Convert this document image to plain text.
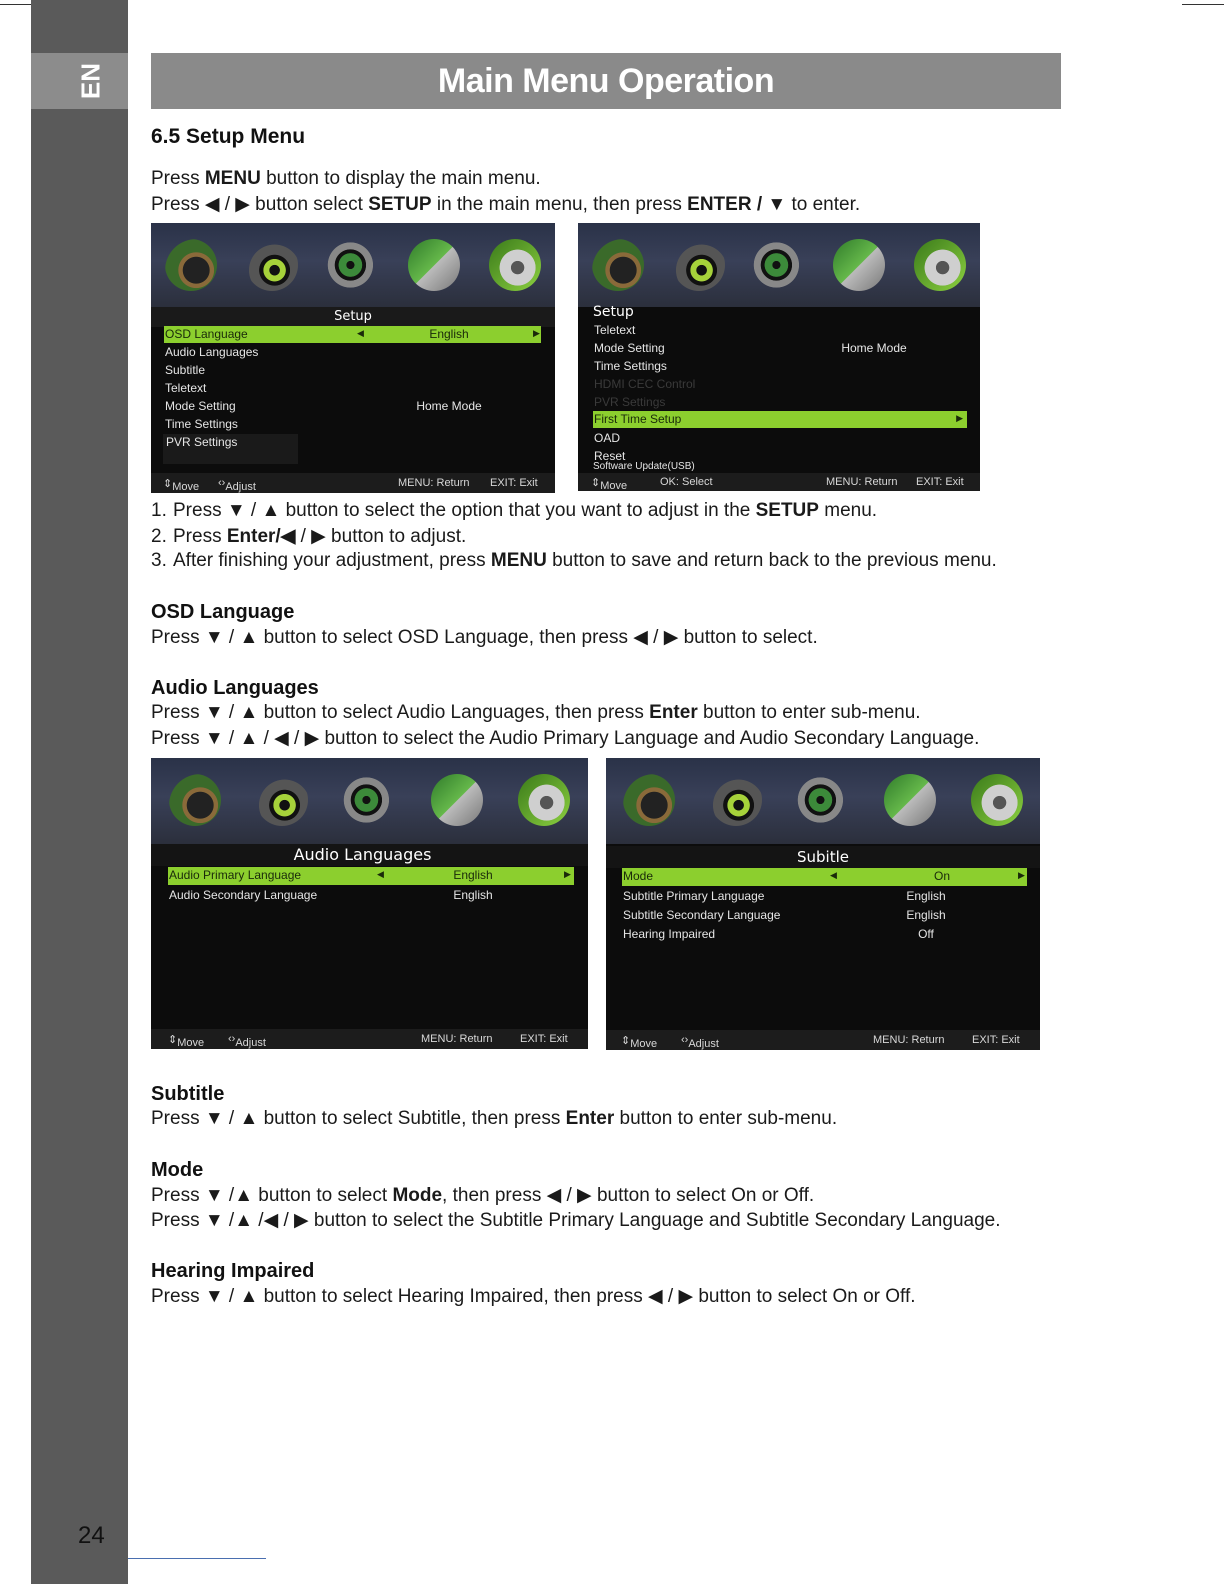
EN
24
Main Menu Operation
6.5 Setup Menu
Press MENU button to display the main menu.
Press ◀ / ▶ button select SETUP in the main menu, then press ENTER / ▼ to enter.
Setup
OSD Language	◀	English	▶
Audio Languages
Subtitle
Teletext
Mode Setting	Home Mode
Time Settings
PVR Settings
⇕ Move ‹› Adjust	MENU: Return EXIT: Exit
Setup
Teletext
Mode Setting	Home Mode
Time Settings
HDMI CEC Control
PVR Settings
First Time Setup	▶
OAD
Reset
Software Update(USB)
⇕ Move	OK: Select	MENU: Return EXIT: Exit
1. Press ▼ / ▲ button to select the option that you want to adjust in the SETUP menu.
2. Press Enter/◀ / ▶ button to adjust.
3. After finishing your adjustment, press MENU button to save and return back to the previous menu.
OSD Language
Press ▼ / ▲ button to select OSD Language, then press ◀ / ▶ button to select.
Audio Languages
Press ▼ / ▲ button to select Audio Languages, then press Enter button to enter sub-menu.
Press ▼ / ▲ / ◀ / ▶ button to select the Audio Primary Language and Audio Secondary Language.
Audio Languages
Audio Primary Language	◀	English	▶
Audio Secondary Language	English
⇕ Move ‹› Adjust	MENU: Return EXIT: Exit
Subitle
Mode	◀	On	▶
Subtitle Primary Language	English
Subtitle Secondary Language	English
Hearing Impaired	Off
⇕ Move ‹› Adjust	MENU: Return EXIT: Exit
Subtitle
Press ▼ / ▲ button to select Subtitle, then press Enter button to enter sub-menu.
Mode
Press ▼ /▲ button to select Mode, then press ◀ / ▶ button to select On or Off.
Press ▼ /▲ /◀ / ▶ button to select the Subtitle Primary Language and Subtitle Secondary Language.
Hearing Impaired
Press ▼ / ▲ button to select Hearing Impaired, then press ◀ / ▶ button to select On or Off.
